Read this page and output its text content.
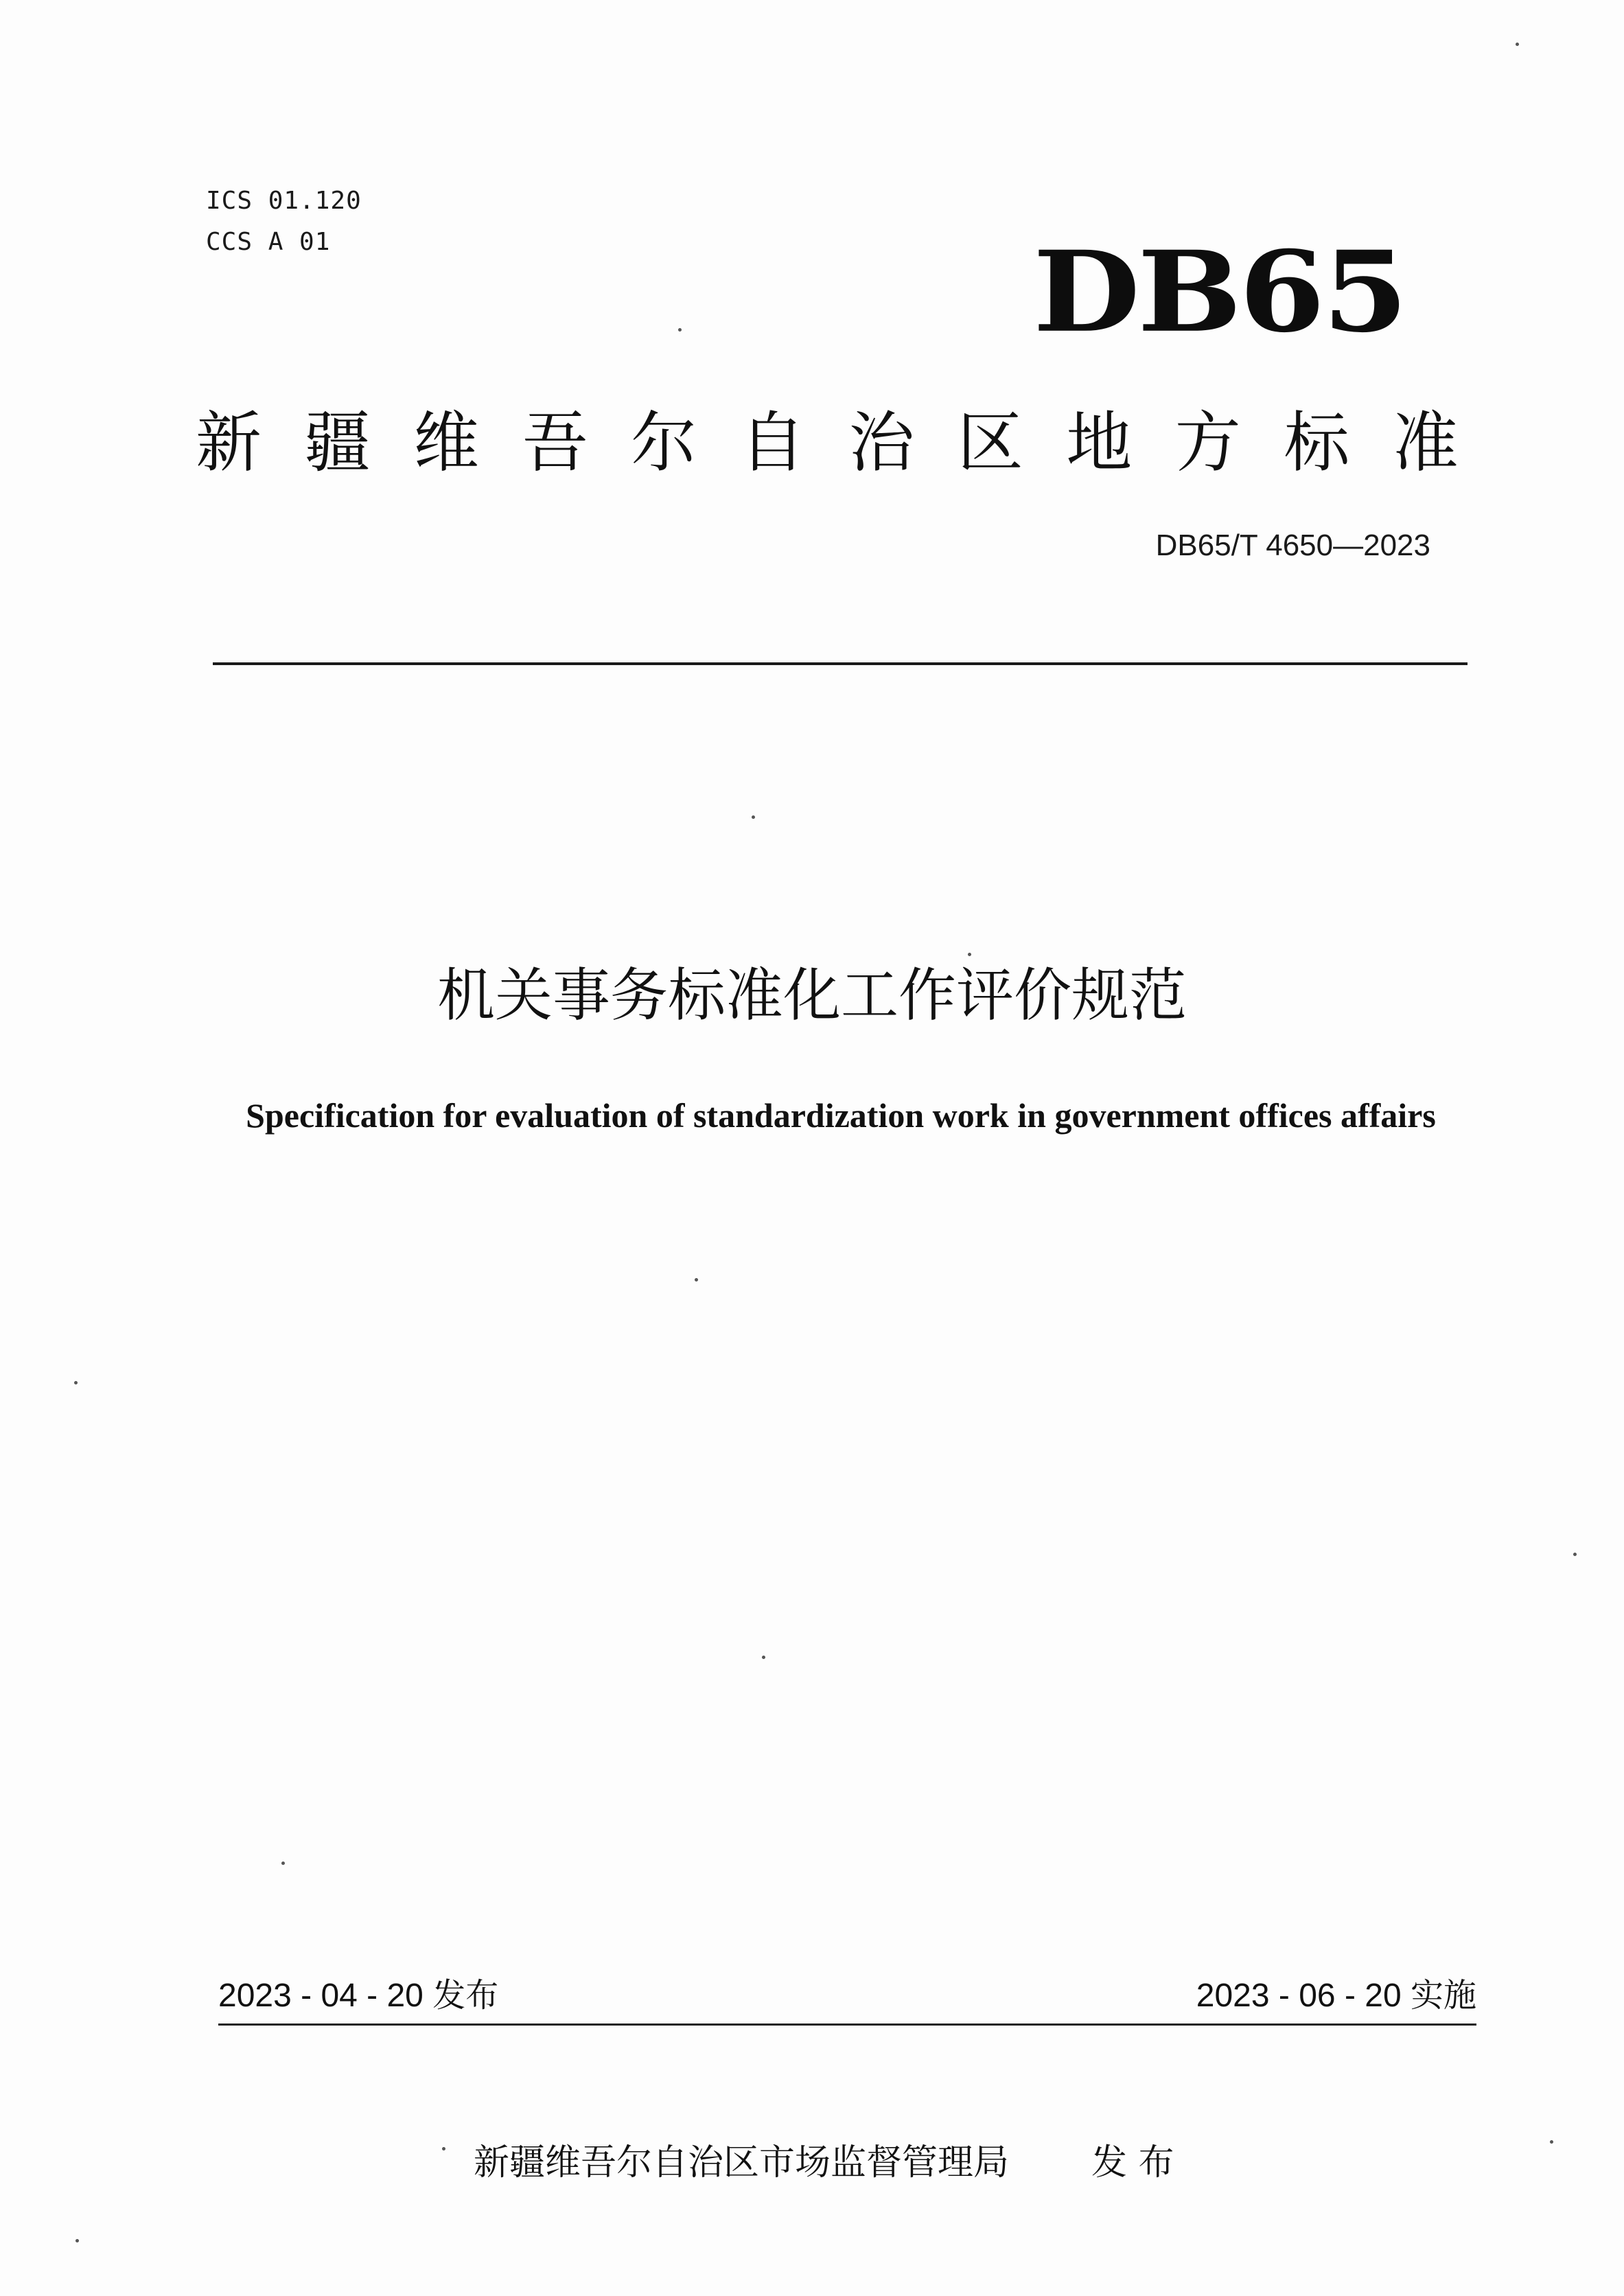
ICS 01.120
CCS A 01	DB65
新 疆 维 吾 尔 自 治 区 地 方 标 准
DB65/T 4650—2023
机关事务标准化工作评价规范
Specification for evaluation of standardization work in government offices affairs
2023 - 04 - 20 发布	2023 - 06 - 20 实施
新疆维吾尔自治区市场监督管理局 发 布
